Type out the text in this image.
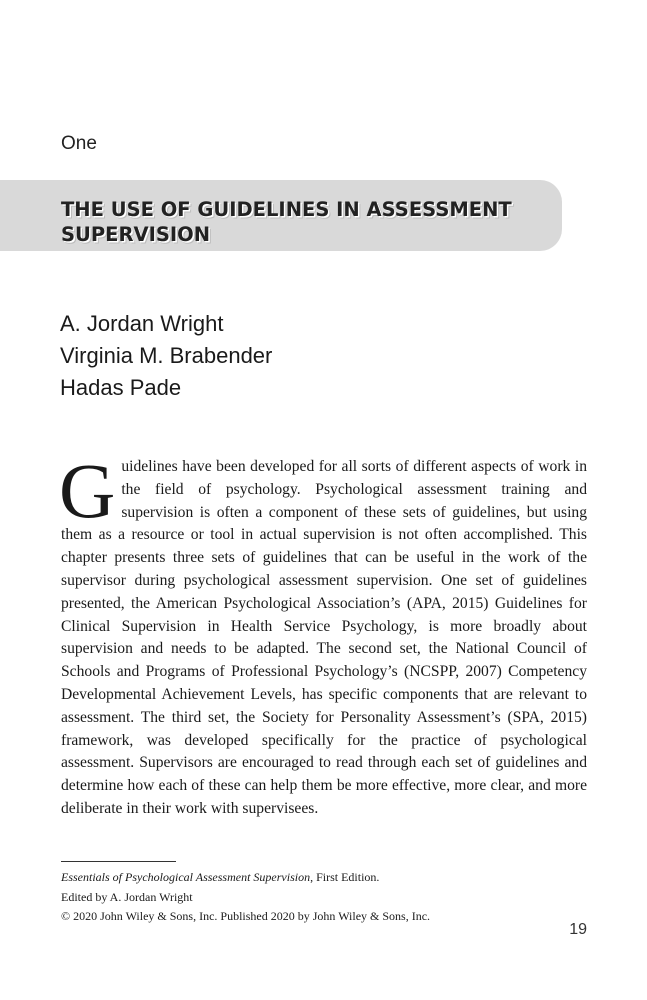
One
THE USE OF GUIDELINES IN ASSESSMENT SUPERVISION
A. Jordan Wright
Virginia M. Brabender
Hadas Pade

Guidelines have been developed for all sorts of different aspects of work in the field of psychology. Psychological assessment training and supervision is often a component of these sets of guidelines, but using them as a resource or tool in actual supervision is not often accomplished. This chapter presents three sets of guidelines that can be useful in the work of the supervisor during psychological assessment supervision. One set of guidelines presented, the American Psychological Association’s (APA, 2015) Guidelines for Clinical Supervision in Health Service Psychology, is more broadly about supervision and needs to be adapted. The second set, the National Council of Schools and Programs of Professional Psychology’s (NCSPP, 2007) Competency Developmental Achievement Levels, has specific components that are relevant to assessment. The third set, the Society for Personality Assessment’s (SPA, 2015) framework, was developed specifically for the practice of psychological assessment. Supervisors are encouraged to read through each set of guidelines and determine how each of these can help them be more effective, more clear, and more deliberate in their work with supervisees.

Essentials of Psychological Assessment Supervision, First Edition.
Edited by A. Jordan Wright
© 2020 John Wiley & Sons, Inc. Published 2020 by John Wiley & Sons, Inc.
19
